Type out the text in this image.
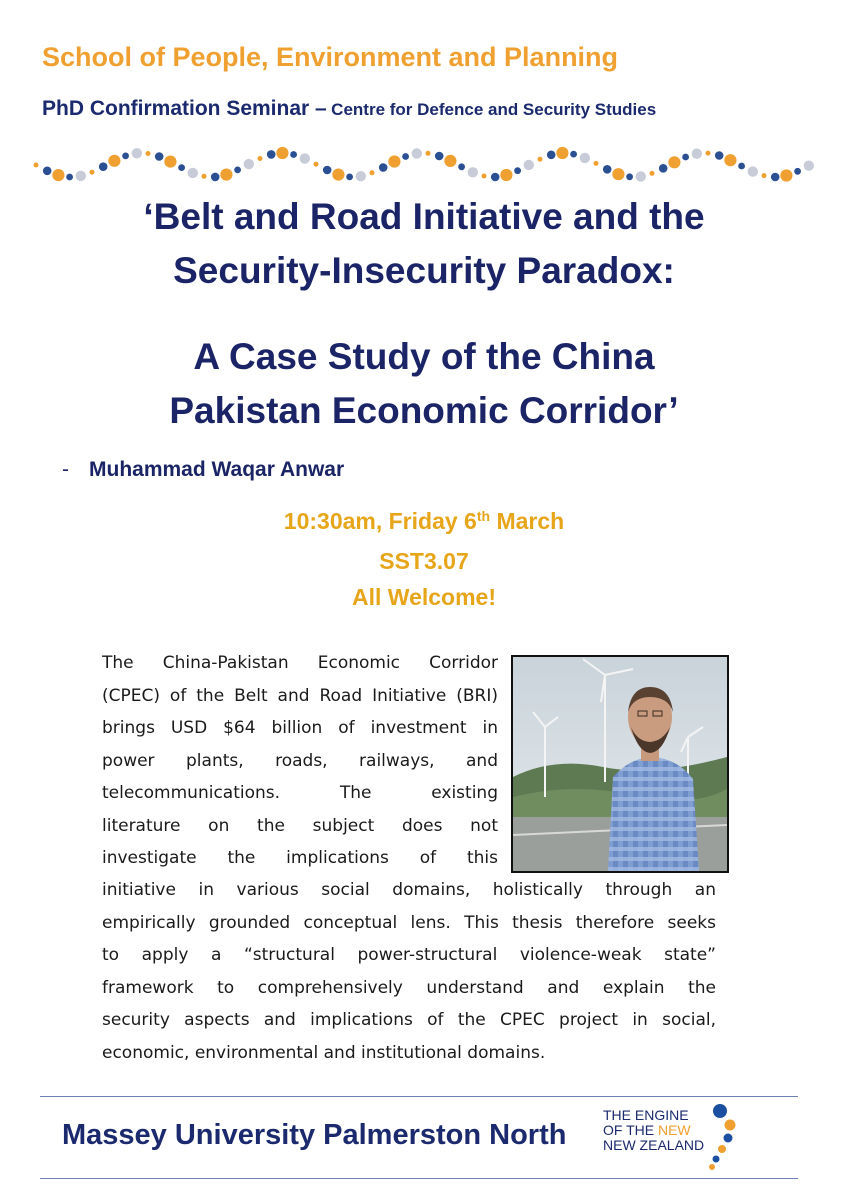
School of People, Environment and Planning
PhD Confirmation Seminar – Centre for Defence and Security Studies
‘Belt and Road Initiative and the
Security-Insecurity Paradox:
A Case Study of the China
Pakistan Economic Corridor’
- Muhammad Waqar Anwar
10:30am, Friday 6th March
SST3.07
All Welcome!
The China-Pakistan Economic Corridor
(CPEC) of the Belt and Road Initiative (BRI)
brings USD $64 billion of investment in
power plants, roads, railways, and
telecommunications. The existing
literature on the subject does not
investigate the implications of this
initiative in various social domains, holistically through an
empirically grounded conceptual lens. This thesis therefore seeks
to apply a “structural power-structural violence-weak state”
framework to comprehensively understand and explain the
security aspects and implications of the CPEC project in social,
economic, environmental and institutional domains.
Massey University Palmerston North
THE ENGINE
OF THE NEW
NEW ZEALAND
